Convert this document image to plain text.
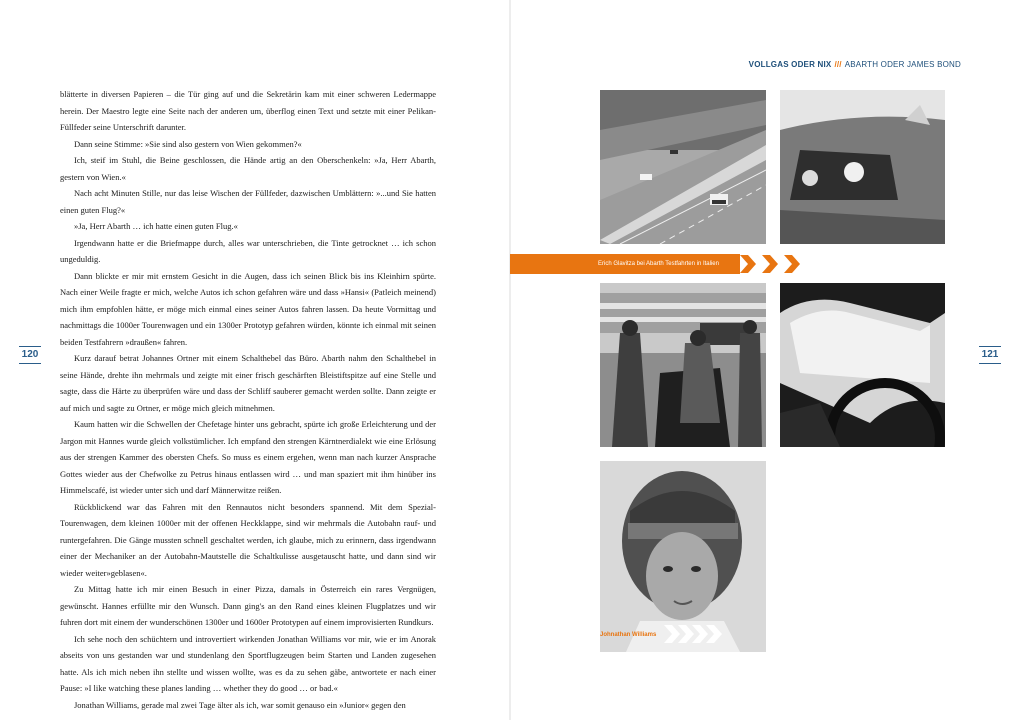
120

blätterte in diversen Papieren – die Tür ging auf und die Sekretärin kam mit einer schweren Ledermappe herein. Der Maestro legte eine Seite nach der anderen um, überflog einen Text und setzte mit einer Pelikan-Füllfeder seine Unterschrift darunter.

Dann seine Stimme: »Sie sind also gestern von Wien gekommen?«

Ich, steif im Stuhl, die Beine geschlossen, die Hände artig an den Oberschenkeln: »Ja, Herr Abarth, gestern von Wien.«

Nach acht Minuten Stille, nur das leise Wischen der Füllfeder, dazwischen Umblättern: »...und Sie hatten einen guten Flug?«

»Ja, Herr Abarth … ich hatte einen guten Flug.«

Irgendwann hatte er die Briefmappe durch, alles war unterschrieben, die Tinte getrocknet … ich schon ungeduldig.

Dann blickte er mir mit ernstem Gesicht in die Augen, dass ich seinen Blick bis ins Kleinhirn spürte. Nach einer Weile fragte er mich, welche Autos ich schon gefahren wäre und dass »Hansi« (Patleich meinend) mich ihm empfohlen hätte, er möge mich einmal eines seiner Autos fahren lassen. Da heute Vormittag und nachmittags die 1000er Tourenwagen und ein 1300er Prototyp gefahren würden, könnte ich einmal mit seinen beiden Testfahrern »draußen« fahren.

Kurz darauf betrat Johannes Ortner mit einem Schalthebel das Büro. Abarth nahm den Schalthebel in seine Hände, drehte ihn mehrmals und zeigte mit einer frisch geschärften Bleistiftspitze auf eine Stelle und sagte, dass die Härte zu überprüfen wäre und dass der Schliff sauberer gemacht werden sollte. Dann zeigte er auf mich und sagte zu Ortner, er möge mich gleich mitnehmen.

Kaum hatten wir die Schwellen der Chefetage hinter uns gebracht, spürte ich große Erleichterung und der Jargon mit Hannes wurde gleich volkstümlicher. Ich empfand den strengen Kärntnerdialekt wie eine Erlösung aus der strengen Kammer des obersten Chefs. So muss es einem ergehen, wenn man nach kurzer Ansprache Gottes wieder aus der Chefwolke zu Petrus hinaus entlassen wird … und man spaziert mit ihm hinüber ins Himmelscafé, ist wieder unter sich und darf Männerwitze reißen.

Rückblickend war das Fahren mit den Rennautos nicht besonders spannend. Mit dem Spezial-Tourenwagen, dem kleinen 1000er mit der offenen Heckklappe, sind wir mehrmals die Autobahn rauf- und runtergefahren. Die Gänge mussten schnell geschaltet werden, ich glaube, mich zu erinnern, dass irgendwann einer der Mechaniker an der Autobahn-Mautstelle die Schaltkulisse ausgetauscht hatte, und dann sind wir wieder weiter»geblasen«.

Zu Mittag hatte ich mir einen Besuch in einer Pizza, damals in Österreich ein rares Vergnügen, gewünscht. Hannes erfüllte mir den Wunsch. Dann ging's an den Rand eines kleinen Flugplatzes und wir fuhren dort mit einem der wunderschönen 1300er und 1600er Prototypen auf einem improvisierten Rundkurs.

Ich sehe noch den schüchtern und introvertiert wirkenden Jonathan Williams vor mir, wie er im Anorak abseits von uns gestanden war und stundenlang den Sportflugzeugen beim Starten und Landen zugesehen hatte. Als ich mich neben ihn stellte und wissen wollte, was es da zu sehen gäbe, antwortete er nach einer Pause: »I like watching these planes landing … whether they do good … or bad.«

Jonathan Williams, gerade mal zwei Tage älter als ich, war somit genauso ein »Junior« gegen den

VOLLGAS ODER NIX /// ABARTH ODER JAMES BOND
121
Erich Glavitza bei Abarth Testfahrten in Italien
Johnathan Williams
